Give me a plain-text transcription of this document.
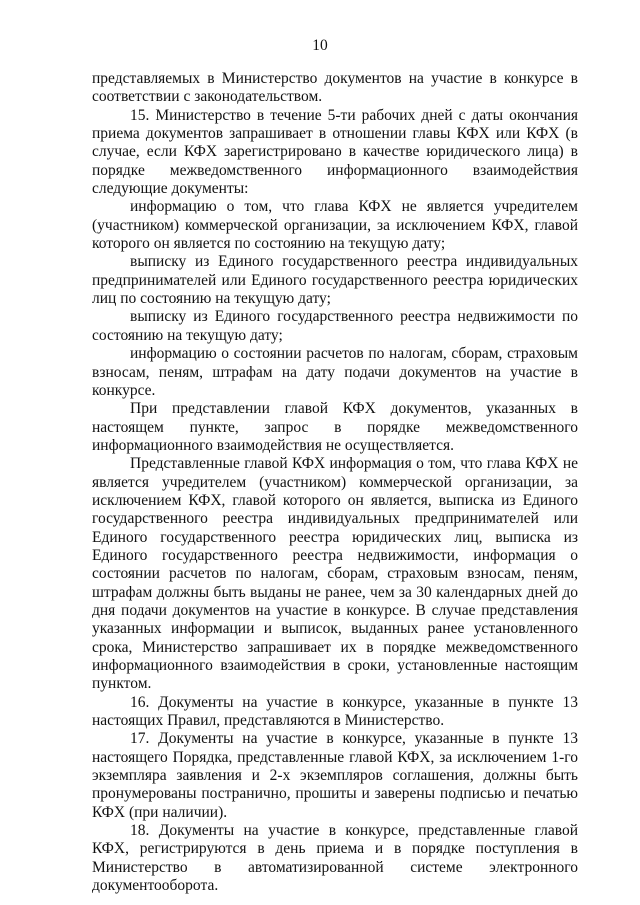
10

представляемых в Министерство документов на участие в конкурсе в соответствии с законодательством.

15. Министерство в течение 5-ти рабочих дней с даты окончания приема документов запрашивает в отношении главы КФХ или КФХ (в случае, если КФХ зарегистрировано в качестве юридического лица) в порядке межведомственного информационного взаимодействия следующие документы:

информацию о том, что глава КФХ не является учредителем (участником) коммерческой организации, за исключением КФХ, главой которого он является по состоянию на текущую дату;

выписку из Единого государственного реестра индивидуальных предпринимателей или Единого государственного реестра юридических лиц по состоянию на текущую дату;

выписку из Единого государственного реестра недвижимости по состоянию на текущую дату;

информацию о состоянии расчетов по налогам, сборам, страховым взносам, пеням, штрафам на дату подачи документов на участие в конкурсе.

При представлении главой КФХ документов, указанных в настоящем пункте, запрос в порядке межведомственного информационного взаимодействия не осуществляется.

Представленные главой КФХ информация о том, что глава КФХ не является учредителем (участником) коммерческой организации, за исключением КФХ, главой которого он является, выписка из Единого государственного реестра индивидуальных предпринимателей или Единого государственного реестра юридических лиц, выписка из Единого государственного реестра недвижимости, информация о состоянии расчетов по налогам, сборам, страховым взносам, пеням, штрафам должны быть выданы не ранее, чем за 30 календарных дней до дня подачи документов на участие в конкурсе. В случае представления указанных информации и выписок, выданных ранее установленного срока, Министерство запрашивает их в порядке межведомственного информационного взаимодействия в сроки, установленные настоящим пунктом.

16. Документы на участие в конкурсе, указанные в пункте 13 настоящих Правил, представляются в Министерство.

17. Документы на участие в конкурсе, указанные в пункте 13 настоящего Порядка, представленные главой КФХ, за исключением 1-го экземпляра заявления и 2-х экземпляров соглашения, должны быть пронумерованы постранично, прошиты и заверены подписью и печатью КФХ (при наличии).

18. Документы на участие в конкурсе, представленные главой КФХ, регистрируются в день приема и в порядке поступления в Министерство в автоматизированной системе электронного документооборота.
